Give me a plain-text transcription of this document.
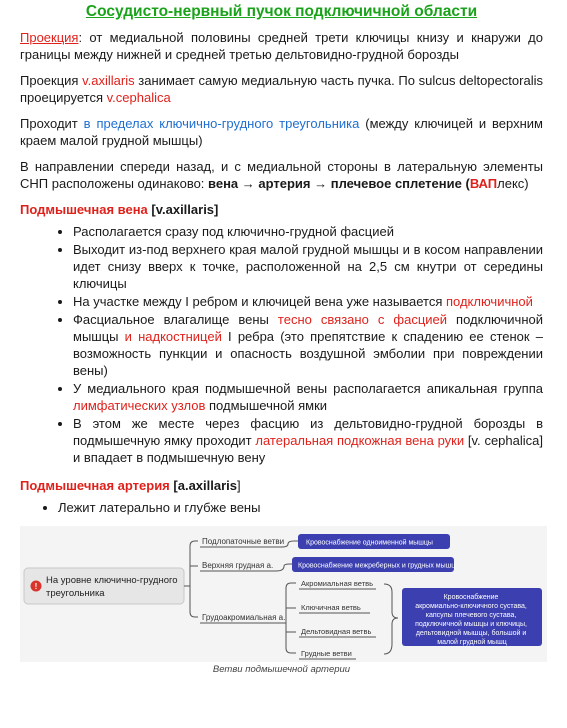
Сосудисто-нервный пучок подключичной области

Проекция: от медиальной половины средней трети ключицы книзу и кнаружи до границы между нижней и средней третью дельтовидно-грудной борозды

Проекция v.axillaris занимает самую медиальную часть пучка. По sulcus deltopectoralis проецируется v.cephalica

Проходит в пределах ключично-грудного треугольника (между ключицей и верхним краем малой грудной мышцы)

В направлении спереди назад, и с медиальной стороны в латеральную элементы СНП расположены одинаково: вена → артерия → плечевое сплетение (ВАПлекс)

Подмышечная вена [v.axillaris]
• Располагается сразу под ключично-грудной фасцией
• Выходит из-под верхнего края малой грудной мышцы и в косом направлении идет снизу вверх к точке, расположенной на 2,5 см кнутри от середины ключицы
• На участке между I ребром и ключицей вена уже называется подключичной
• Фасциальное влагалище вены тесно связано с фасцией подключичной мышцы и надкостницей I ребра (это препятствие к спадению ее стенок – возможность пункции и опасность воздушной эмболии при повреждении вены)
• У медиального края подмышечной вены располагается апикальная группа лимфатических узлов подмышечной ямки
• В этом же месте через фасцию из дельтовидно-грудной борозды в подмышечную ямку проходит латеральная подкожная вена руки [v. cephalica] и впадает в подмышечную вену
Подмышечная артерия [a.axillaris]
• Лежит латерально и глубже вены
!
На уровне ключично-грудного треугольника
Подлопаточные ветви
Верхняя грудная а.
Грудоакромиальная а.
Кровоснабжение одноименной мышцы
Кровоснабжение межреберных и грудных мышц
Акромиальная ветвь
Ключичная ветвь
Дельтовидная ветвь
Грудные ветви
Кровоснабжение акромиально-ключичного сустава, капсулы плечевого сустава, подключичной мышцы и ключицы, дельтовидной мышцы, большой и малой грудной мышц
Ветви подмышечной артерии
